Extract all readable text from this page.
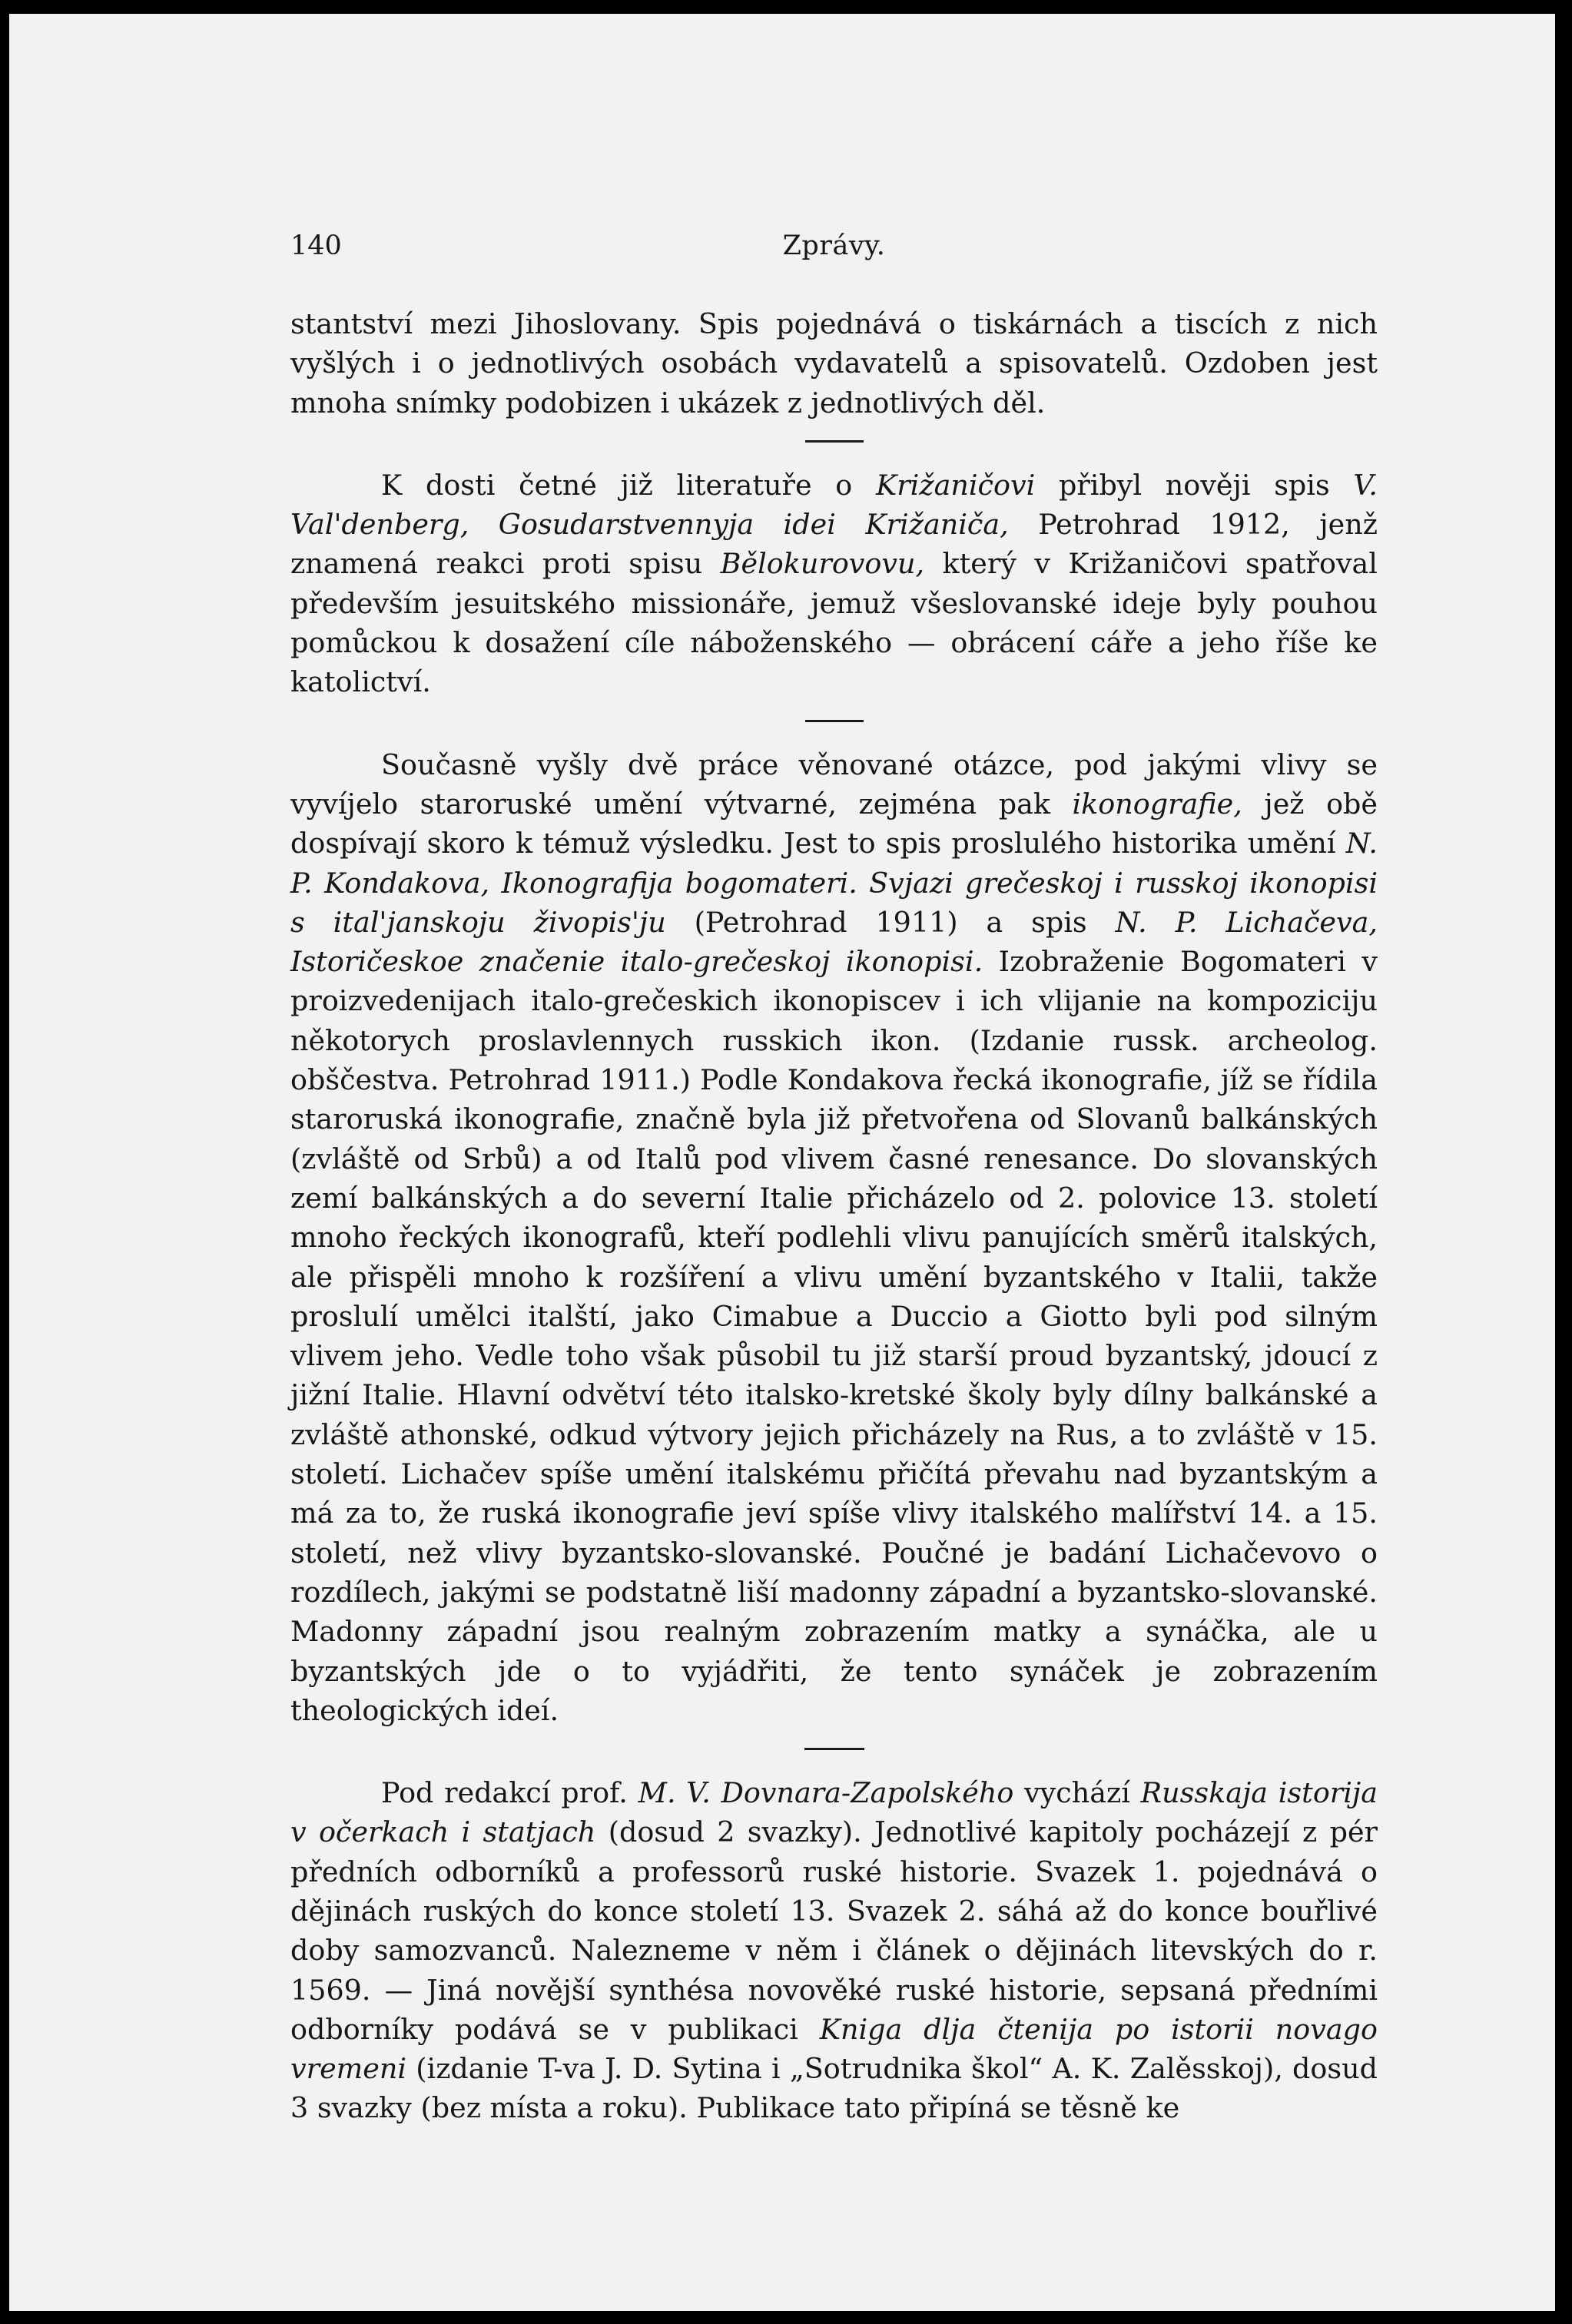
140	Zprávy.

stantství mezi Jihoslovany. Spis pojednává o tiskárnách a tiscích z nich vyšlých i o jednotlivých osobách vydavatelů a spisovatelů. Ozdoben jest mnoha snímky podobizen i ukázek z jednotlivých děl.

K dosti četné již literatuře o Križaničovi přibyl nověji spis V. Val'denberg, Gosudarstvennyja idei Križaniča, Petrohrad 1912, jenž znamená reakci proti spisu Bělokurovovu, který v Križaničovi spatřoval především jesuitského missionáře, jemuž všeslovanské ideje byly pouhou pomůckou k dosažení cíle náboženského — obrácení cáře a jeho říše ke katolictví.

Současně vyšly dvě práce věnované otázce, pod jakými vlivy se vyvíjelo staroruské umění výtvarné, zejména pak ikonografie, jež obě dospívají skoro k témuž výsledku. Jest to spis proslulého historika umění N. P. Kondakova, Ikonografija bogomateri. Svjazi grečeskoj i russkoj ikonopisi s ital'janskoju živopis'ju (Petrohrad 1911) a spis N. P. Lichačeva, Istoričeskoe značenie italo-grečeskoj ikonopisi. Izobraženie Bogomateri v proizvedenijach italo-grečeskich ikonopiscev i ich vlijanie na kompoziciju někotorych proslavlennych russkich ikon. (Izdanie russk. archeolog. obščestva. Petrohrad 1911.) Podle Kondakova řecká ikonografie, jíž se řídila staroruská ikonografie, značně byla již přetvořena od Slovanů balkánských (zvláště od Srbů) a od Italů pod vlivem časné renesance. Do slovanských zemí balkánských a do severní Italie přicházelo od 2. polovice 13. století mnoho řeckých ikonografů, kteří podlehli vlivu panujících směrů italských, ale přispěli mnoho k rozšíření a vlivu umění byzantského v Italii, takže proslulí umělci italští, jako Cimabue a Duccio a Giotto byli pod silným vlivem jeho. Vedle toho však působil tu již starší proud byzantský, jdoucí z jižní Italie. Hlavní odvětví této italsko-kretské školy byly dílny balkánské a zvláště athonské, odkud výtvory jejich přicházely na Rus, a to zvláště v 15. století. Lichačev spíše umění italskému přičítá převahu nad byzantským a má za to, že ruská ikonografie jeví spíše vlivy italského malířství 14. a 15. století, než vlivy byzantsko-slovanské. Poučné je badání Lichačevovo o rozdílech, jakými se podstatně liší madonny západní a byzantsko-slovanské. Madonny západní jsou realným zobrazením matky a synáčka, ale u byzantských jde o to vyjádřiti, že tento synáček je zobrazením theologických ideí.

Pod redakcí prof. M. V. Dovnara-Zapolského vychází Russkaja istorija v očerkach i statjach (dosud 2 svazky). Jednotlivé kapitoly pocházejí z pér předních odborníků a professorů ruské historie. Svazek 1. pojednává o dějinách ruských do konce století 13. Svazek 2. sáhá až do konce bouřlivé doby samozvanců. Nalezneme v něm i článek o dějinách litevských do r. 1569. — Jiná novější synthésa novověké ruské historie, sepsaná předními odborníky podává se v publikaci Kniga dlja čtenija po istorii novago vremeni (izdanie T-va J. D. Sytina i „Sotrudnika škol“ A. K. Zalěsskoj), dosud 3 svazky (bez místa a roku). Publikace tato připíná se těsně ke
